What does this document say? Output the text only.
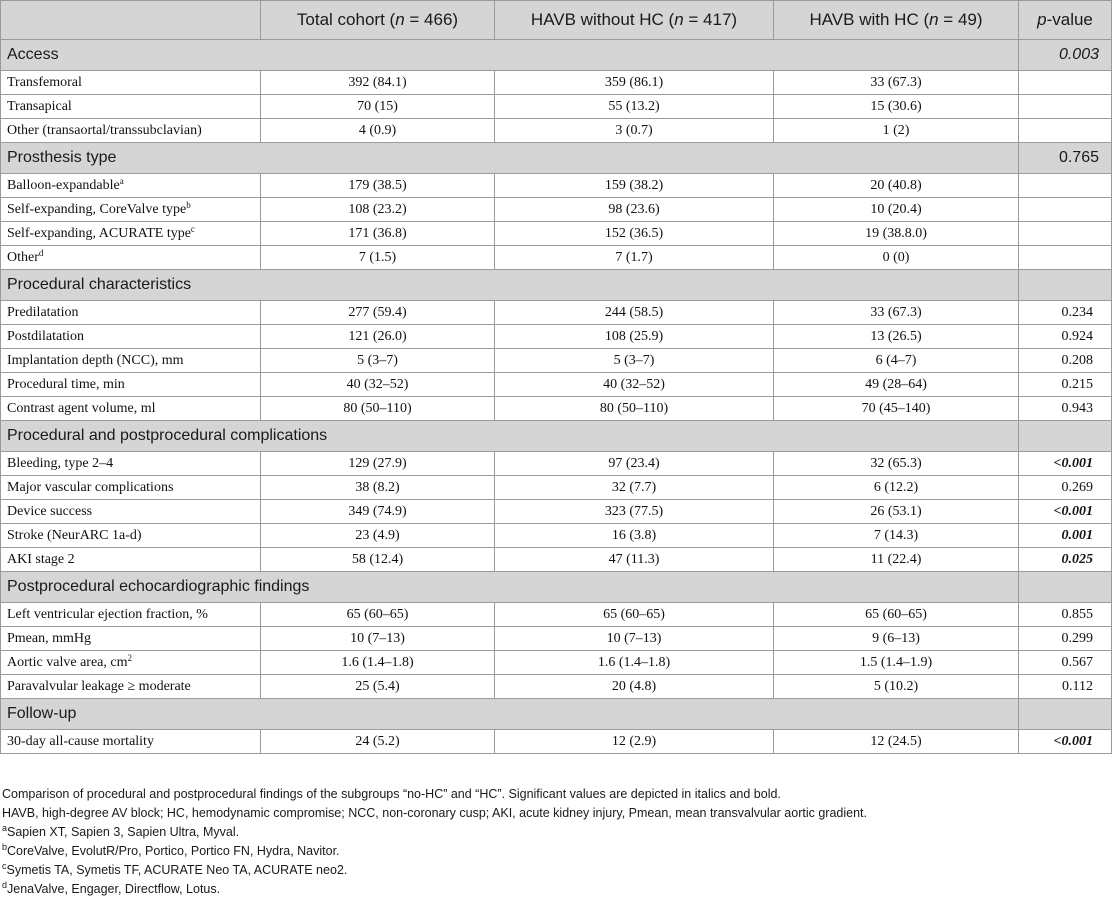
	Total cohort (n = 466)	HAVB without HC (n = 417)	HAVB with HC (n = 49)	p-value
Access				0.003
Transfemoral	392 (84.1)	359 (86.1)	33 (67.3)	
Transapical	70 (15)	55 (13.2)	15 (30.6)	
Other (transaortal/transsubclavian)	4 (0.9)	3 (0.7)	1 (2)	
Prosthesis type				0.765
Balloon-expandable$^a$	179 (38.5)	159 (38.2)	20 (40.8)	
Self-expanding, CoreValve type$^b$	108 (23.2)	98 (23.6)	10 (20.4)	
Self-expanding, ACURATE type$^c$	171 (36.8)	152 (36.5)	19 (38.8.0)	
Other$^d$	7 (1.5)	7 (1.7)	0 (0)	
Procedural characteristics				
Predilatation	277 (59.4)	244 (58.5)	33 (67.3)	0.234
Postdilatation	121 (26.0)	108 (25.9)	13 (26.5)	0.924
Implantation depth (NCC), mm	5 (3–7)	5 (3–7)	6 (4–7)	0.208
Procedural time, min	40 (32–52)	40 (32–52)	49 (28–64)	0.215
Contrast agent volume, ml	80 (50–110)	80 (50–110)	70 (45–140)	0.943
Procedural and postprocedural complications				
Bleeding, type 2–4	129 (27.9)	97 (23.4)	32 (65.3)	<0.001
Major vascular complications	38 (8.2)	32 (7.7)	6 (12.2)	0.269
Device success	349 (74.9)	323 (77.5)	26 (53.1)	<0.001
Stroke (NeurARC 1a-d)	23 (4.9)	16 (3.8)	7 (14.3)	0.001
AKI stage 2	58 (12.4)	47 (11.3)	11 (22.4)	0.025
Postprocedural echocardiographic findings				
Left ventricular ejection fraction, %	65 (60–65)	65 (60–65)	65 (60–65)	0.855
Pmean, mmHg	10 (7–13)	10 (7–13)	9 (6–13)	0.299
Aortic valve area, $cm^2$	1.6 (1.4–1.8)	1.6 (1.4–1.8)	1.5 (1.4–1.9)	0.567
Paravalvular leakage ≥ moderate	25 (5.4)	20 (4.8)	5 (10.2)	0.112
Follow-up				
30-day all-cause mortality	24 (5.2)	12 (2.9)	12 (24.5)	<0.001
Comparison of procedural and postprocedural findings of the subgroups “no-HC” and “HC”. Significant values are depicted in italics and bold.
HAVB, high-degree AV block; HC, hemodynamic compromise; NCC, non-coronary cusp; AKI, acute kidney injury, Pmean, mean transvalvular aortic gradient.
$^a$Sapien XT, Sapien 3, Sapien Ultra, Myval.
$^b$CoreValve, EvolutR/Pro, Portico, Portico FN, Hydra, Navitor.
$^c$Symetis TA, Symetis TF, ACURATE Neo TA, ACURATE neo2.
$^d$JenaValve, Engager, Directflow, Lotus.
